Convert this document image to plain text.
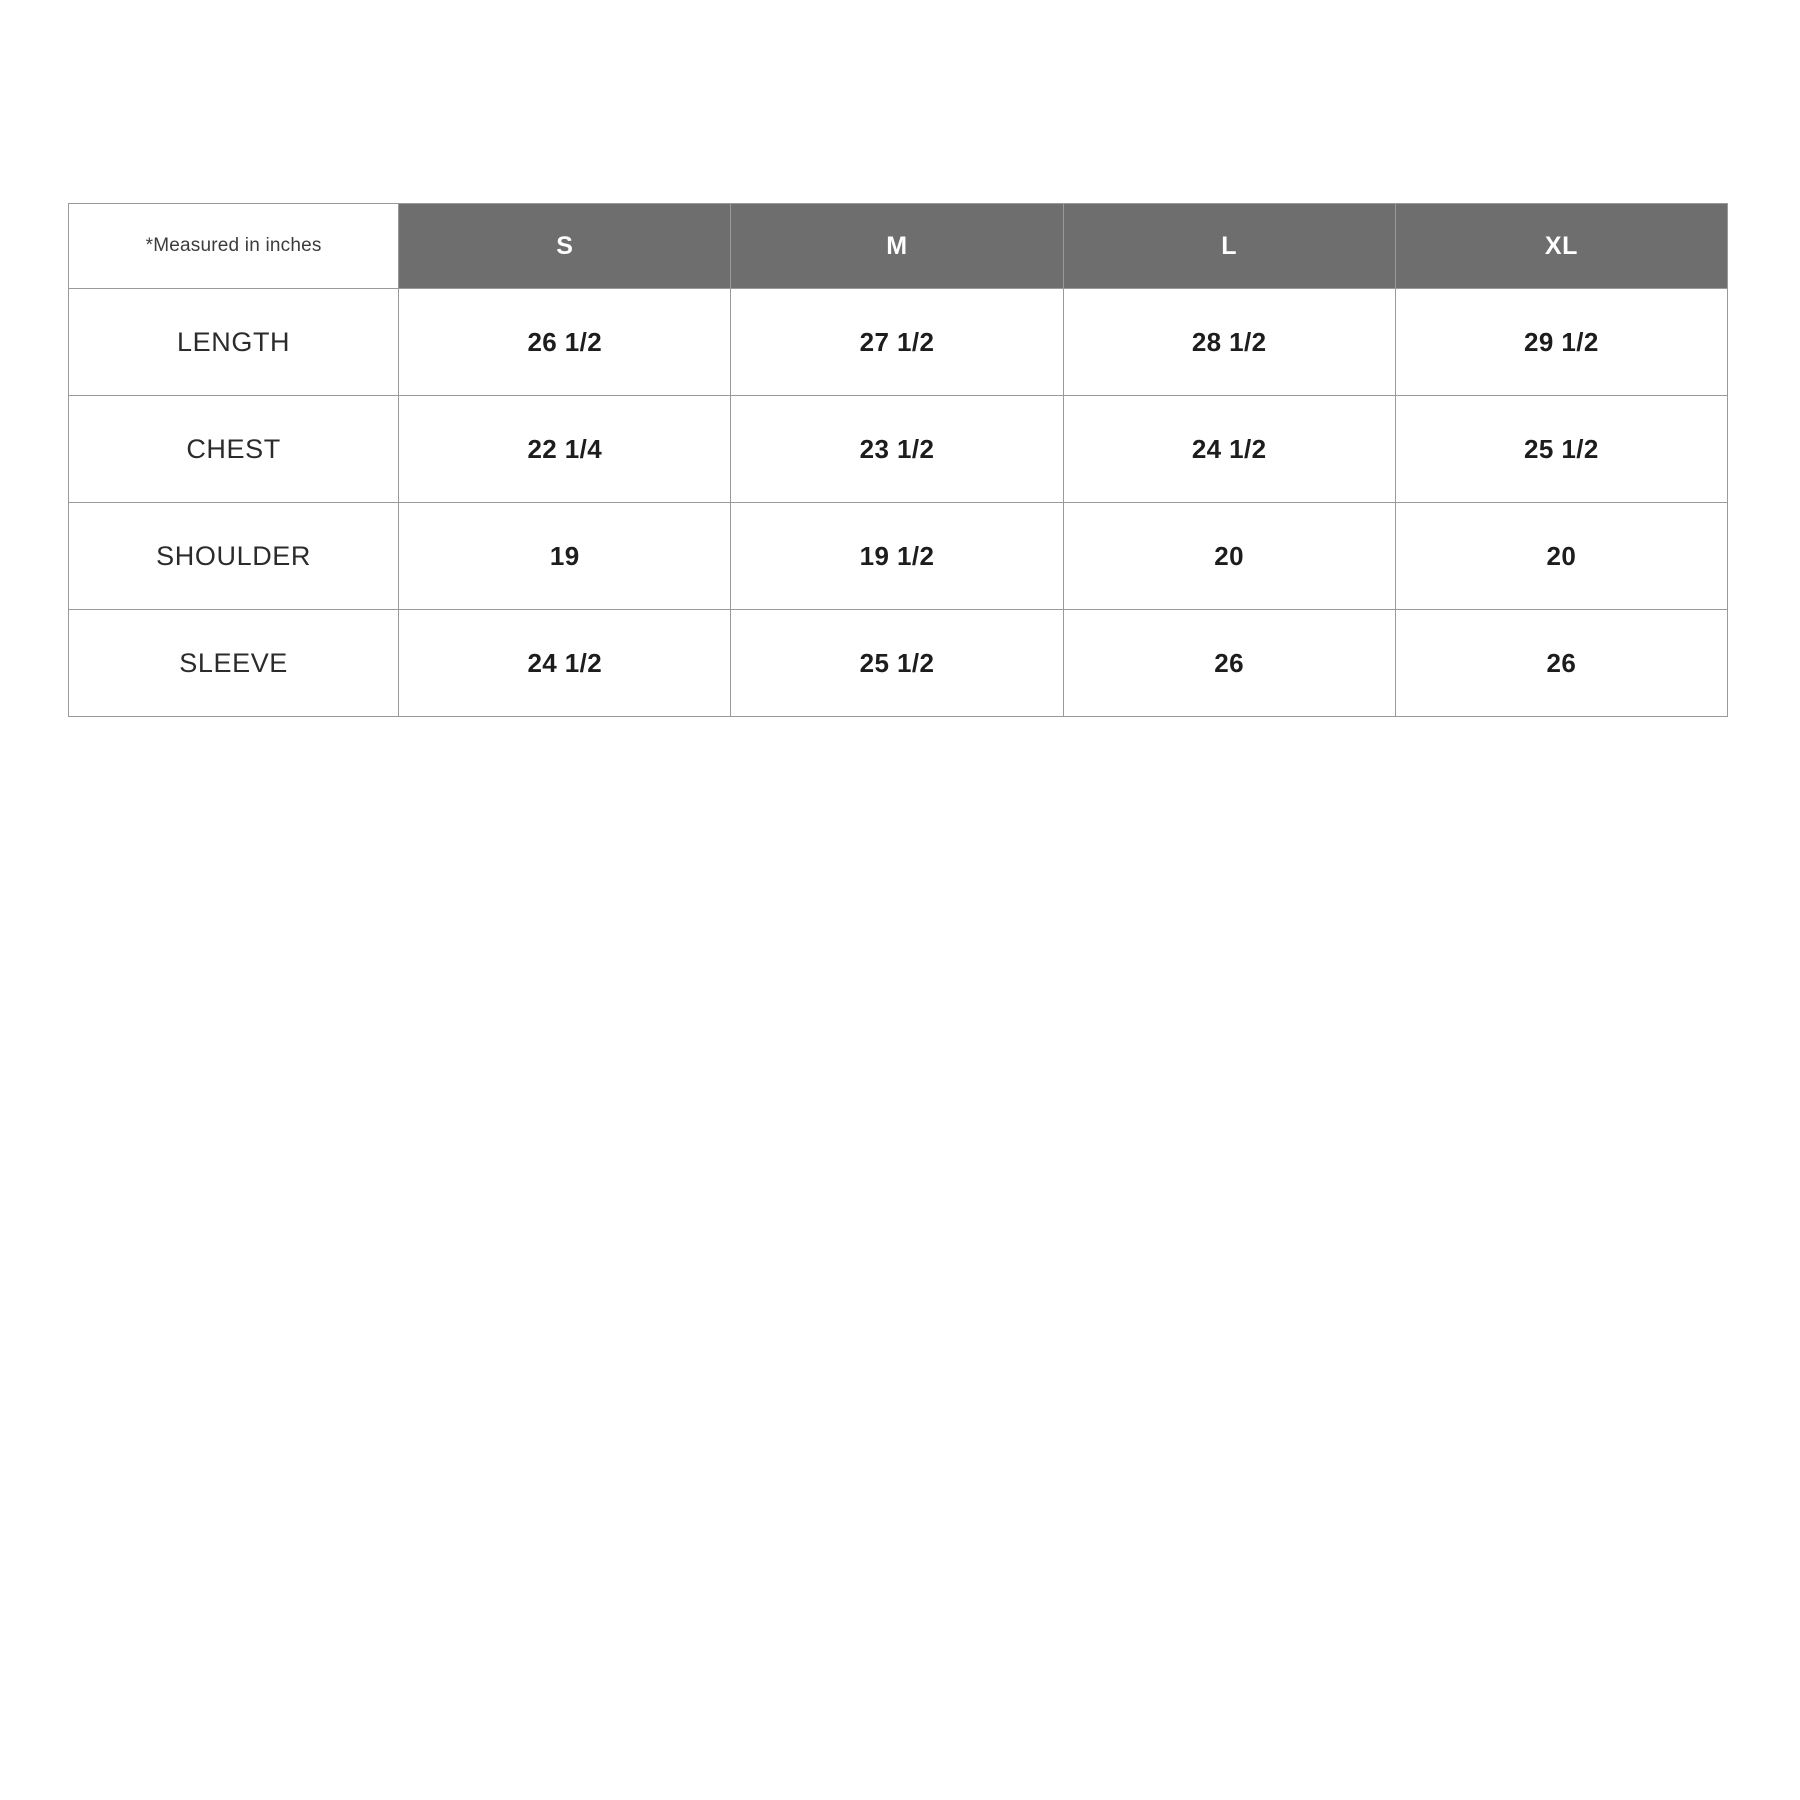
*Measured in inches	S	M	L	XL
LENGTH	26 1/2	27 1/2	28 1/2	29 1/2
CHEST	22 1/4	23 1/2	24 1/2	25 1/2
SHOULDER	19	19 1/2	20	20
SLEEVE	24 1/2	25 1/2	26	26
